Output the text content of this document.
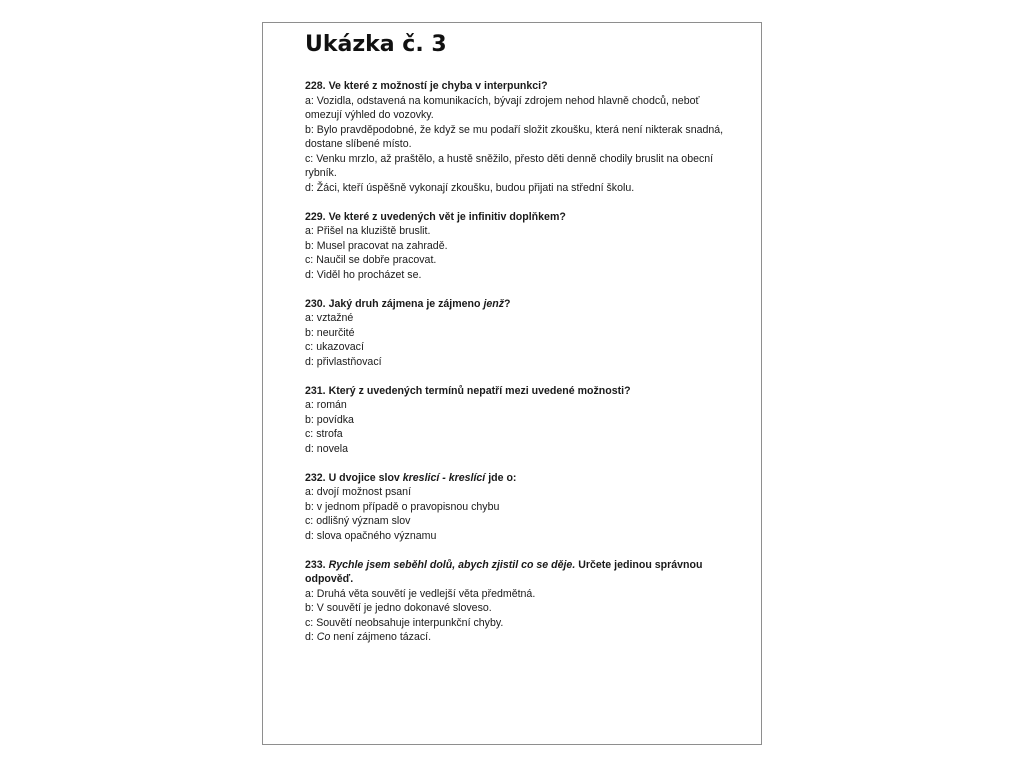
Ukázka č. 3

228. Ve které z možností je chyba v interpunkci?

a: Vozidla, odstavená na komunikacích, bývají zdrojem nehod hlavně chodců, neboť omezují výhled do vozovky.

b: Bylo pravděpodobné, že když se mu podaří složit zkoušku, která není nikterak snadná, dostane slíbené místo.

c: Venku mrzlo, až praštělo, a hustě sněžilo, přesto děti denně chodily bruslit na obecní rybník.

d: Žáci, kteří úspěšně vykonají zkoušku, budou přijati na střední školu.

229. Ve které z uvedených vět je infinitiv doplňkem?

a: Přišel na kluziště bruslit.

b: Musel pracovat na zahradě.

c: Naučil se dobře pracovat.

d: Viděl ho procházet se.

230. Jaký druh zájmena je zájmeno jenž?

a: vztažné

b: neurčité

c: ukazovací

d: přivlastňovací

231. Který z uvedených termínů nepatří mezi uvedené možnosti?

a: román

b: povídka

c: strofa

d: novela

232. U dvojice slov kreslicí - kreslící jde o:

a: dvojí možnost psaní

b: v jednom případě o pravopisnou chybu

c: odlišný význam slov

d: slova opačného významu

233. Rychle jsem seběhl dolů, abych zjistil co se děje. Určete jedinou správnou odpověď.

a: Druhá věta souvětí je vedlejší věta předmětná.

b: V souvětí je jedno dokonavé sloveso.

c: Souvětí neobsahuje interpunkční chyby.

d: Co není zájmeno tázací.
